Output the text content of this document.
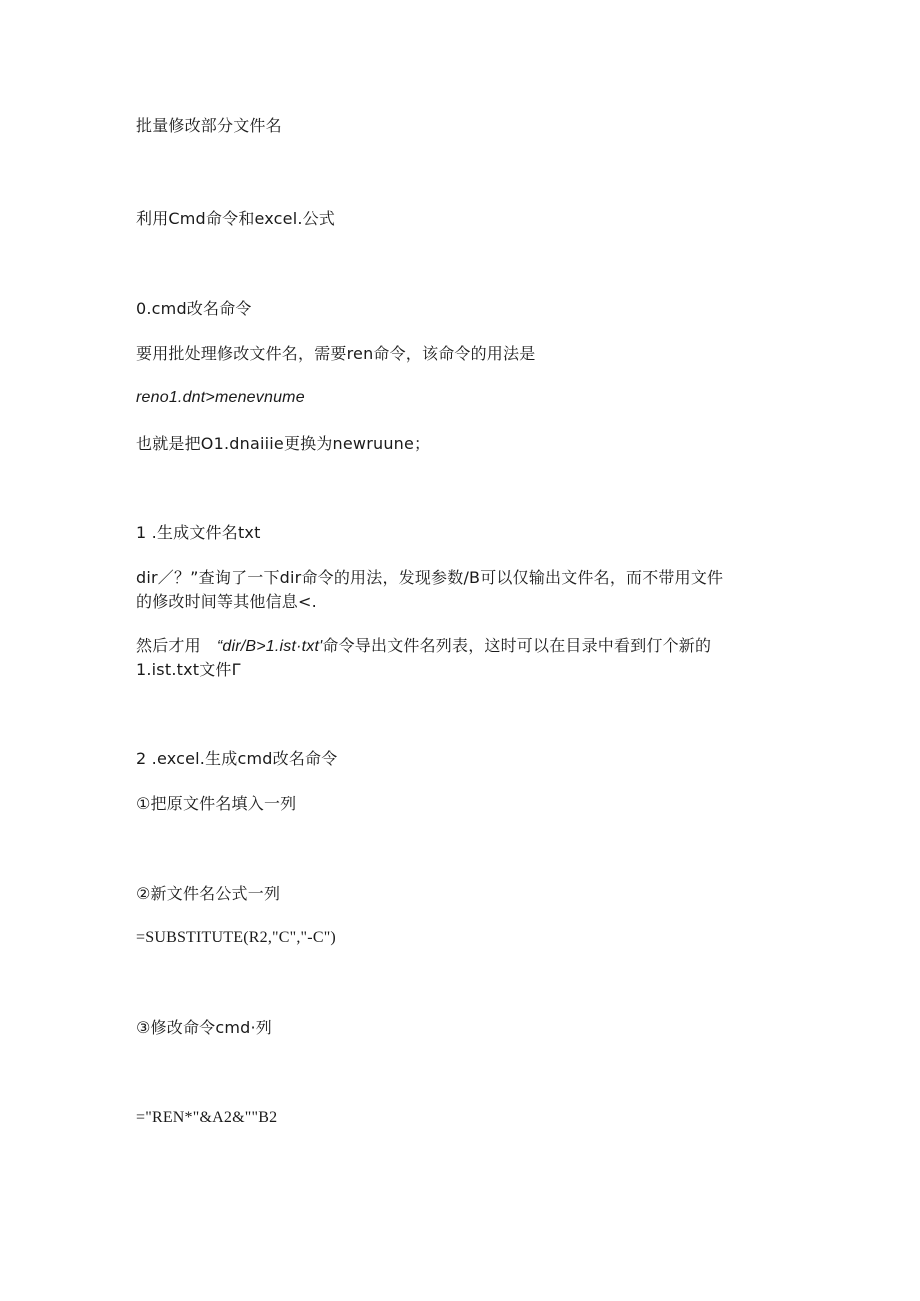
批量修改部分文件名
利用Cmd命令和excel.公式
0.cmd改名命令
要用批处理修改文件名，需要ren命令，该命令的用法是
reno1.dnt>menevnume
也就是把O1.dnaiiie更换为newruune；
1 .生成文件名txt
dir／？”查询了一下dir命令的用法，发现参数/B可以仅输出文件名，而不带用文件
的修改时间等其他信息<.
然后才用 “dir/B>1.ist·txt'命令导出文件名列表，这时可以在目录中看到仃个新的
1.ist.txt文件Γ
2 .excel.生成cmd改名命令
①把原文件名填入一列
②新文件名公式一列
=SUBSTITUTE(R2,"C","-C")
③修改命令cmd·列
="REN*"&A2&""B2
